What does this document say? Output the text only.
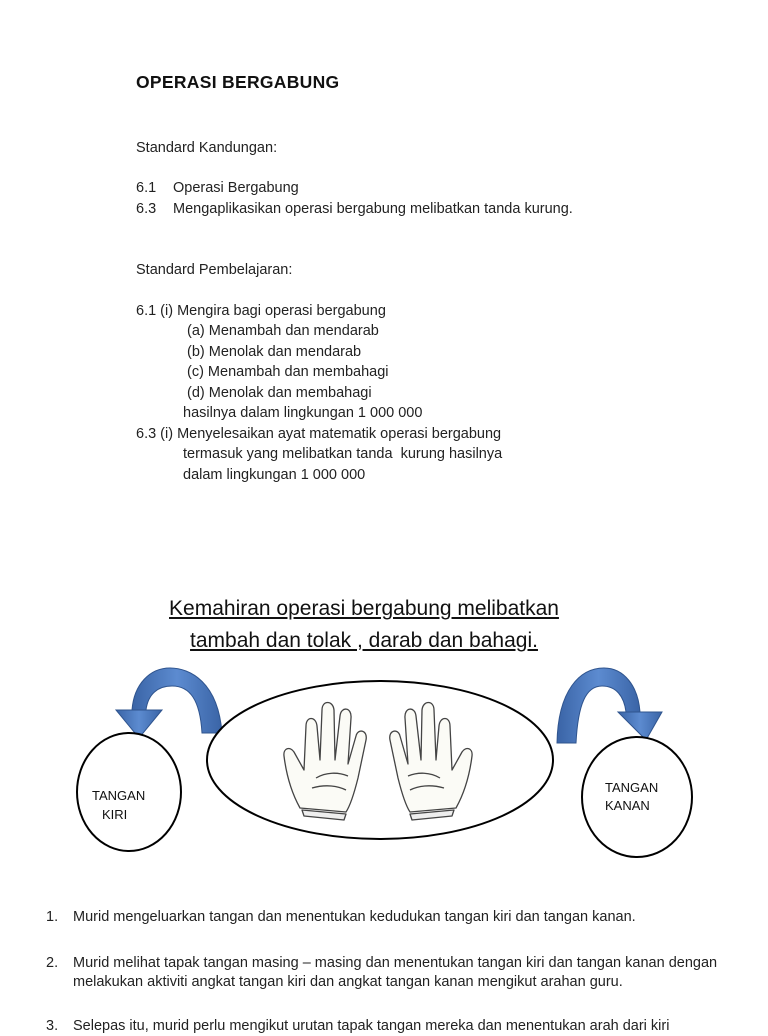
OPERASI BERGABUNG
Standard Kandungan:
6.1 Operasi Bergabung
6.3 Mengaplikasikan operasi bergabung melibatkan tanda kurung.
Standard Pembelajaran:
6.1 (i) Mengira bagi operasi bergabung
(a) Menambah dan mendarab
(b) Menolak dan mendarab
(c) Menambah dan membahagi
(d) Menolak dan membahagi
hasilnya dalam lingkungan 1 000 000
6.3 (i) Menyelesaikan ayat matematik operasi bergabung
termasuk yang melibatkan tanda  kurung hasilnya
dalam lingkungan 1 000 000
Kemahiran operasi bergabung melibatkan
tambah dan tolak , darab dan bahagi.
TANGAN
KIRI
TANGAN
KANAN
1. Murid mengeluarkan tangan dan menentukan kedudukan tangan kiri dan tangan kanan.
2. Murid melihat tapak tangan masing – masing dan menentukan tangan kiri dan tangan kanan dengan melakukan aktiviti angkat tangan kiri dan angkat tangan kanan mengikut arahan guru.
3. Selepas itu, murid perlu mengikut urutan tapak tangan mereka dan menentukan arah dari kiri
